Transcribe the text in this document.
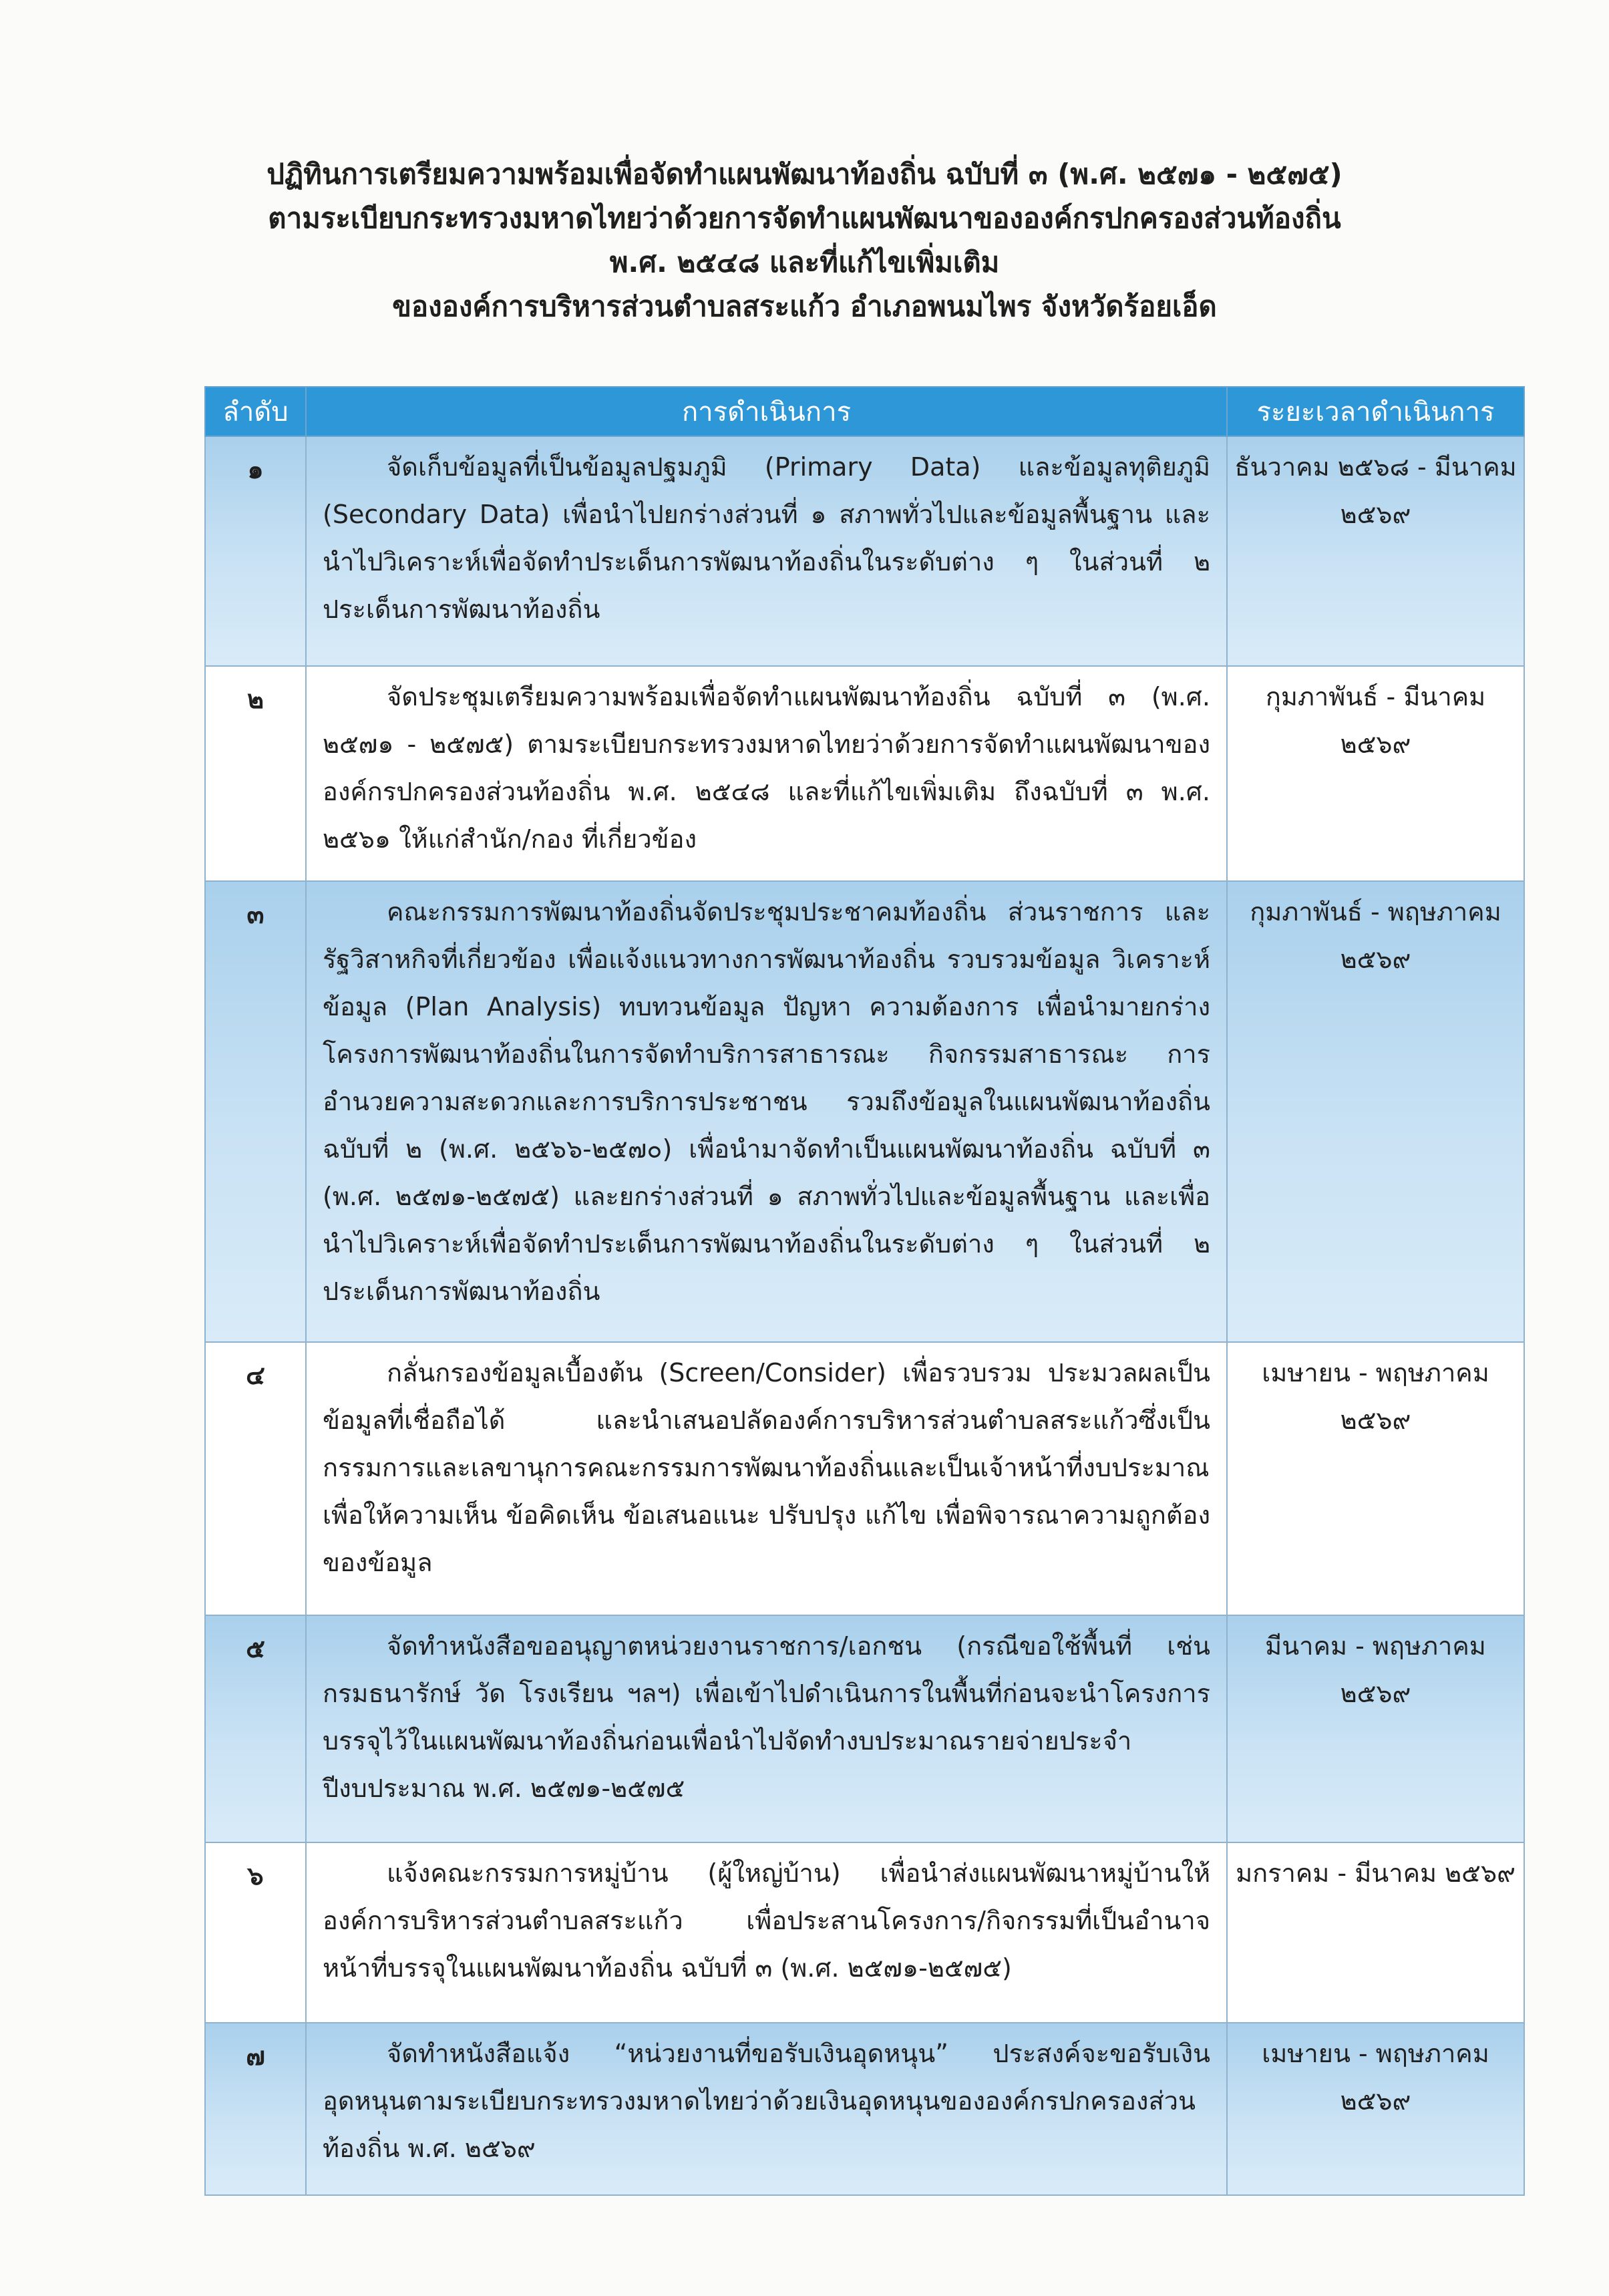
ปฏิทินการเตรียมความพร้อมเพื่อจัดทำแผนพัฒนาท้องถิ่น ฉบับที่ ๓ (พ.ศ. ๒๕๗๑ - ๒๕๗๕)
ตามระเบียบกระทรวงมหาดไทยว่าด้วยการจัดทำแผนพัฒนาขององค์กรปกครองส่วนท้องถิ่น
พ.ศ. ๒๕๔๘ และที่แก้ไขเพิ่มเติม
ขององค์การบริหารส่วนตำบลสระแก้ว อำเภอพนมไพร จังหวัดร้อยเอ็ด
ลำดับ	การดำเนินการ	ระยะเวลาดำเนินการ
๑	จัดเก็บข้อมูลที่เป็นข้อมูลปฐมภูมิ (Primary Data) และข้อมูลทุติยภูมิ (Secondary Data) เพื่อนำไปยกร่างส่วนที่ ๑ สภาพทั่วไปและข้อมูลพื้นฐาน และนำไปวิเคราะห์เพื่อจัดทำประเด็นการพัฒนาท้องถิ่นในระดับต่าง ๆ ในส่วนที่ ๒ ประเด็นการพัฒนาท้องถิ่น	ธันวาคม ๒๕๖๘ - มีนาคม ๒๕๖๙
๒	จัดประชุมเตรียมความพร้อมเพื่อจัดทำแผนพัฒนาท้องถิ่น ฉบับที่ ๓ (พ.ศ. ๒๕๗๑ - ๒๕๗๕) ตามระเบียบกระทรวงมหาดไทยว่าด้วยการจัดทำแผนพัฒนาขององค์กรปกครองส่วนท้องถิ่น พ.ศ. ๒๕๔๘ และที่แก้ไขเพิ่มเติม ถึงฉบับที่ ๓ พ.ศ. ๒๕๖๑ ให้แก่สำนัก/กอง ที่เกี่ยวข้อง	กุมภาพันธ์ - มีนาคม ๒๕๖๙
๓	คณะกรรมการพัฒนาท้องถิ่นจัดประชุมประชาคมท้องถิ่น ส่วนราชการ และรัฐวิสาหกิจที่เกี่ยวข้อง เพื่อแจ้งแนวทางการพัฒนาท้องถิ่น รวบรวมข้อมูล วิเคราะห์ข้อมูล (Plan Analysis) ทบทวนข้อมูล ปัญหา ความต้องการ เพื่อนำมายกร่างโครงการพัฒนาท้องถิ่นในการจัดทำบริการสาธารณะ กิจกรรมสาธารณะ การอำนวยความสะดวกและการบริการประชาชน รวมถึงข้อมูลในแผนพัฒนาท้องถิ่น ฉบับที่ ๒ (พ.ศ. ๒๕๖๖-๒๕๗๐) เพื่อนำมาจัดทำเป็นแผนพัฒนาท้องถิ่น ฉบับที่ ๓ (พ.ศ. ๒๕๗๑-๒๕๗๕) และยกร่างส่วนที่ ๑ สภาพทั่วไปและข้อมูลพื้นฐาน และเพื่อนำไปวิเคราะห์เพื่อจัดทำประเด็นการพัฒนาท้องถิ่นในระดับต่าง ๆ ในส่วนที่ ๒ ประเด็นการพัฒนาท้องถิ่น	กุมภาพันธ์ - พฤษภาคม ๒๕๖๙
๔	กลั่นกรองข้อมูลเบื้องต้น (Screen/Consider) เพื่อรวบรวม ประมวลผลเป็นข้อมูลที่เชื่อถือได้ และนำเสนอปลัดองค์การบริหารส่วนตำบลสระแก้วซึ่งเป็นกรรมการและเลขานุการคณะกรรมการพัฒนาท้องถิ่นและเป็นเจ้าหน้าที่งบประมาณ เพื่อให้ความเห็น ข้อคิดเห็น ข้อเสนอแนะ ปรับปรุง แก้ไข เพื่อพิจารณาความถูกต้องของข้อมูล	เมษายน - พฤษภาคม ๒๕๖๙
๕	จัดทำหนังสือขออนุญาตหน่วยงานราชการ/เอกชน (กรณีขอใช้พื้นที่ เช่น กรมธนารักษ์ วัด โรงเรียน ฯลฯ) เพื่อเข้าไปดำเนินการในพื้นที่ก่อนจะนำโครงการบรรจุไว้ในแผนพัฒนาท้องถิ่นก่อนเพื่อนำไปจัดทำงบประมาณรายจ่ายประจำปีงบประมาณ พ.ศ. ๒๕๗๑-๒๕๗๕	มีนาคม - พฤษภาคม ๒๕๖๙
๖	แจ้งคณะกรรมการหมู่บ้าน (ผู้ใหญ่บ้าน) เพื่อนำส่งแผนพัฒนาหมู่บ้านให้องค์การบริหารส่วนตำบลสระแก้ว เพื่อประสานโครงการ/กิจกรรมที่เป็นอำนาจหน้าที่บรรจุในแผนพัฒนาท้องถิ่น ฉบับที่ ๓ (พ.ศ. ๒๕๗๑-๒๕๗๕)	มกราคม - มีนาคม ๒๕๖๙
๗	จัดทำหนังสือแจ้ง “หน่วยงานที่ขอรับเงินอุดหนุน” ประสงค์จะขอรับเงินอุดหนุนตามระเบียบกระทรวงมหาดไทยว่าด้วยเงินอุดหนุนขององค์กรปกครองส่วนท้องถิ่น พ.ศ. ๒๕๖๙	เมษายน - พฤษภาคม ๒๕๖๙
